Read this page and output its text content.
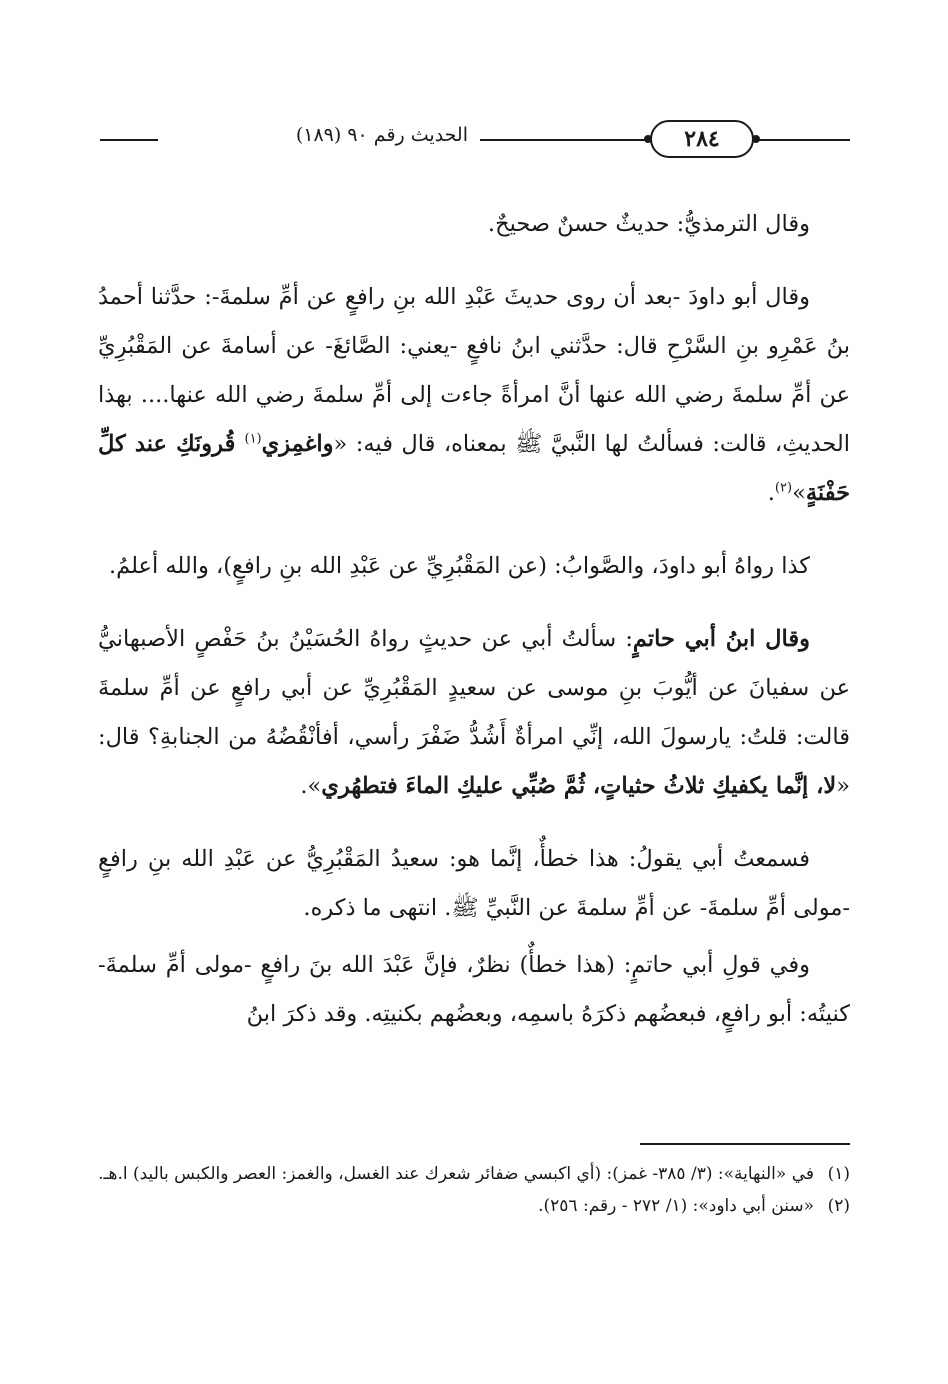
٢٨٤
الحديث رقم ٩٠ (١٨٩)

وقال الترمذيُّ: حديثٌ حسنٌ صحيحٌ.

وقال أبو داودَ -بعد أن روى حديثَ عَبْدِ الله بنِ رافعٍ عن أمِّ سلمةَ-: حدَّثنا أحمدُ بنُ عَمْرِو بنِ السَّرْحِ قال: حدَّثني ابنُ نافعٍ -يعني: الصَّائغَ- عن أسامةَ عن المَقْبُرِيِّ عن أمِّ سلمةَ رضي الله عنها أنَّ امرأةً جاءت إلى أمِّ سلمةَ رضي الله عنها.... بهذا الحديثِ، قالت: فسألتُ لها النَّبيَّ ﷺ بمعناه، قال فيه: «واغمِزي$^{(١)}$ قُرونَكِ عند كلِّ حَفْنَةٍ»$^{(٢)}$.

كذا رواهُ أبو داودَ، والصَّوابُ: (عن المَقْبُرِيِّ عن عَبْدِ الله بنِ رافعٍ)، والله أعلمُ.

وقال ابنُ أبي حاتمٍ: سألتُ أبي عن حديثٍ رواهُ الحُسَيْنُ بنُ حَفْصٍ الأصبهانيُّ عن سفيانَ عن أيُّوبَ بنِ موسى عن سعيدٍ المَقْبُرِيِّ عن أبي رافعٍ عن أمِّ سلمةَ قالت: قلتُ: يارسولَ الله، إنِّي امرأةٌ أَشُدُّ ضَفْرَ رأسي، أفأنْقُضُهُ من الجنابةِ؟ قال: «لا، إنَّما يكفيكِ ثلاثُ حثياتٍ، ثُمَّ صُبِّي عليكِ الماءَ فتطهُري».

فسمعتُ أبي يقولُ: هذا خطأٌ، إنَّما هو: سعيدُ المَقْبُرِيُّ عن عَبْدِ الله بنِ رافعٍ -مولى أمِّ سلمةَ- عن أمِّ سلمةَ عن النَّبيِّ ﷺ. انتهى ما ذكره.

وفي قولِ أبي حاتمٍ: (هذا خطأٌ) نظرٌ، فإنَّ عَبْدَ الله بنَ رافعٍ -مولى أمِّ سلمةَ- كنيتُه: أبو رافعٍ، فبعضُهم ذكرَهُ باسمِه، وبعضُهم بكنيتِه. وقد ذكرَ ابنُ

(١)في «النهاية»: (٣/ ٣٨٥- غمز): (أي اكبسي ضفائر شعرك عند الغسل، والغمز: العصر والكبس باليد) ا.هـ.

(٢)«سنن أبي داود»: (١/ ٢٧٢ - رقم: ٢٥٦).
